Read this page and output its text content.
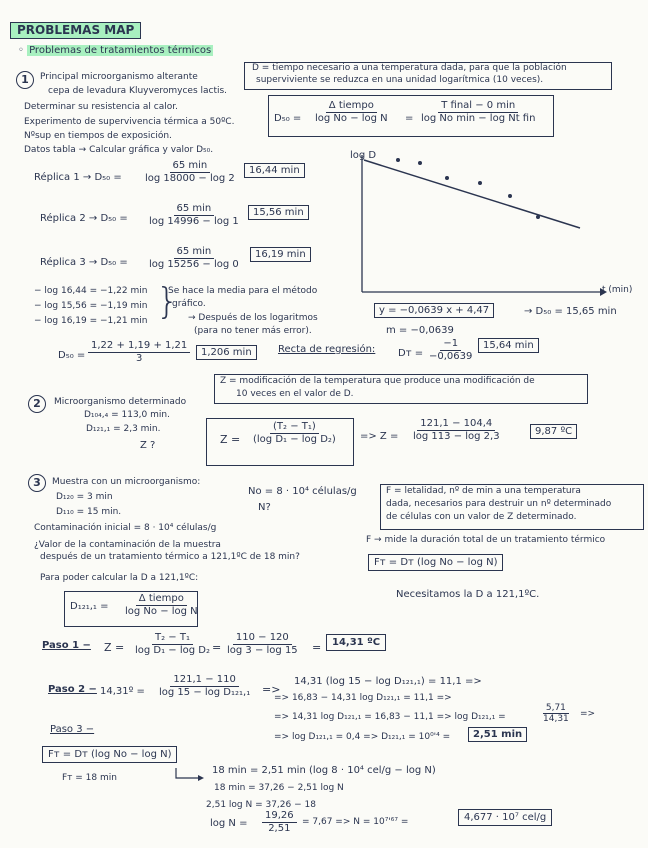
PROBLEMAS MAP
◦ Problemas de tratamientos térmicos
1	Principal microorganismo alterante
cepa de levadura Kluyveromyces lactis.
Determinar su resistencia al calor.
Experimento de supervivencia térmica a 50ºC.
Nºsup en tiempos de exposición.
Datos tabla → Calcular gráfica y valor D₅₀.
D = tiempo necesario a una temperatura dada, para que la población
superviviente se reduzca en una unidad logarítmica (10 veces).
D₅₀ =
Δ tiempo
log No − log N	=
T final − 0 min
log No min − log Nt fin
Réplica 1 → D₅₀ =
65 min
log 18000 − log 2
16,44 min
Réplica 2 → D₅₀ =
65 min
log 14996 − log 1
15,56 min
Réplica 3 → D₅₀ =
65 min
log 15256 − log 0
16,19 min
− log 16,44 = −1,22 min
− log 15,56 = −1,19 min
− log 16,19 = −1,21 min }
Se hace la media para el método
gráfico.
→ Después de los logaritmos
(para no tener más error).
$D_{50} = \frac{1,22 + 1,19 + 1,21}{3}$	1,206 min	Recta de regresión:
log D
t (min)
y = −0,0639 x + 4,47	→ D₅₀ = 15,65 min
m = −0,0639
Dᴛ = $\frac{-1}{-0,0639} 15,64$ min
2	Microorganismo determinado
D₁₀₄,₄ = 113,0 min.
D₁₂₁,₁ = 2,3 min.
Z ?
Z = modificación de la temperatura que produce una modificación de
10 veces en el valor de D.
$Z = \frac{\text{(T₂ − T₁)}}{\text{(log D₁ − log D₂)}} => Z = \frac{121,1 - 104,4}{\log 113 - \log 2,3}$	9,87 ºC
3	Muestra con un microorganismo:
D₁₂₀ = 3 min
D₁₁₀ = 15 min.
Contaminación inicial = 8 · 10⁴ células/g
¿Valor de la contaminación de la muestra
después de un tratamiento térmico a 121,1ºC de 18 min?
Para poder calcular la D a 121,1ºC:
No = 8 · 10⁴ células/g
N?
F = letalidad, nº de min a una temperatura
dada, necesarios para destruir un nº determinado
de células con un valor de Z determinado.
F → mide la duración total de un tratamiento térmico
Fᴛ = Dᴛ (log No − log N)
Necesitamos la D a 121,1ºC.
D₁₂₁,₁ =
Δ tiempo
log No − log N
Paso $1 - Z = \frac{\text{T₂ − T₁}}{\text{log D₁ − log D₂}} = \frac{110 - 120}{\log 3 - \log 15}$ =	14,31 ºC
Paso 2 − 14,31º = $\frac{121,1 - 110}{\text{log 15 − log D₁₂₁,₁}}$ =>
14,31 (log 15 − log D₁₂₁,₁) = 11,1 =>
=> 16,83 − 14,31 log D₁₂₁,₁ = 11,1 =>
=> 14,31 log D₁₂₁,₁ = 16,83 − 11,1 => log D₁₂₁,₁ =	$\frac{5,71}{14,31}$ =>
=> log D₁₂₁,₁ = 0,4 => D₁₂₁,₁ = 10⁰'⁴ =	2,51 min
Paso 3 −
Fᴛ = Dᴛ (log No − log N)
Fᴛ = 18 min
18 min = 2,51 min (log 8 · 10⁴ cel/g − log N)
18 min = 37,26 − 2,51 log N
2,51 log N = 37,26 − 18
$\log N = \frac{19,26}{2,51} = 7,67 => N = 10^7'^{67}$ =	4,677 · 10⁷ cel/g
